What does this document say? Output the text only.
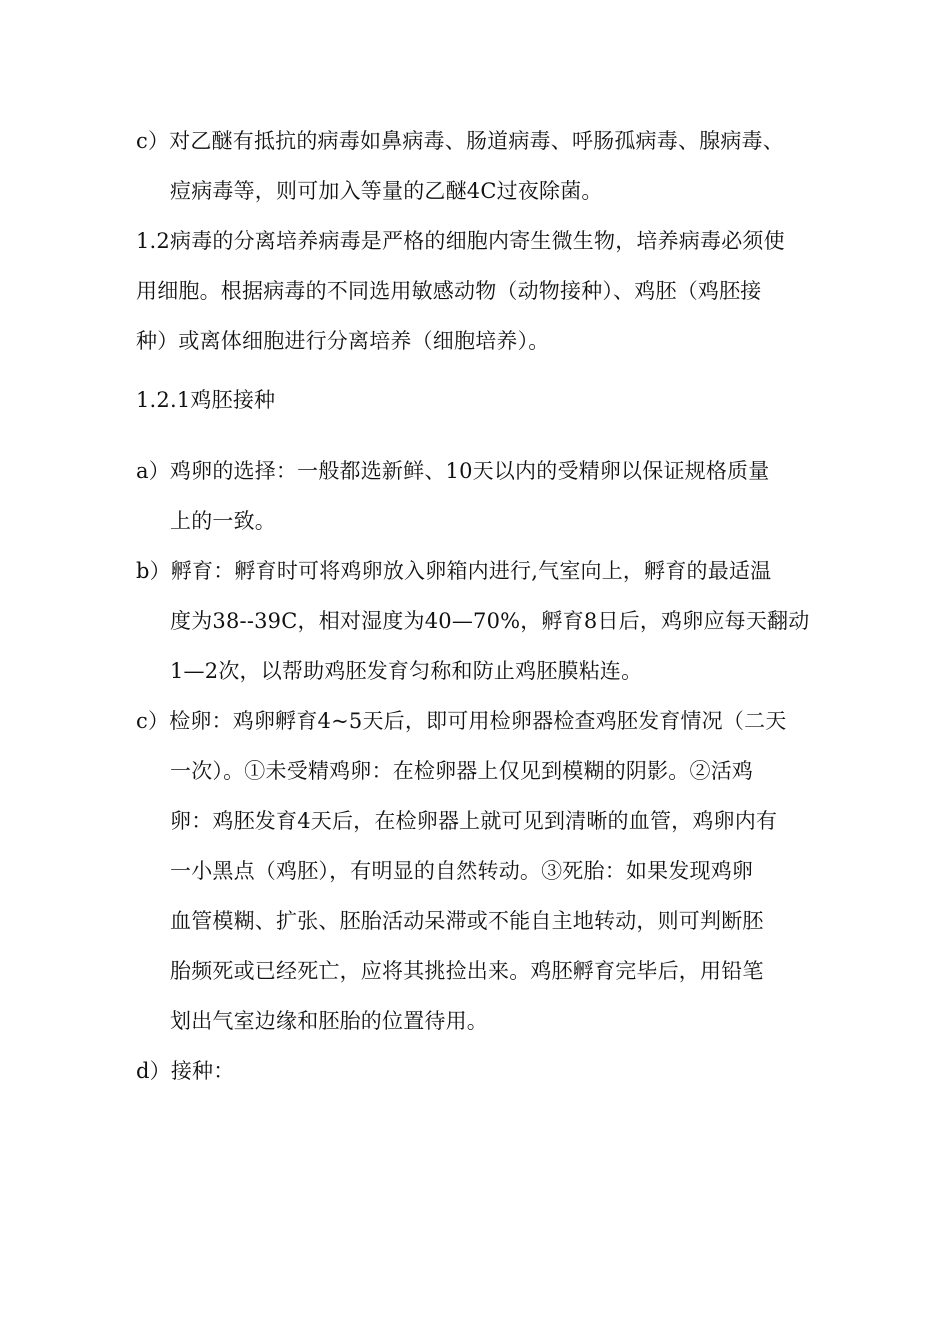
c）对乙醚有抵抗的病毒如鼻病毒、肠道病毒、呼肠孤病毒、腺病毒、
痘病毒等，则可加入等量的乙醚4C过夜除菌。
1.2病毒的分离培养病毒是严格的细胞内寄生微生物，培养病毒必须使
用细胞。根据病毒的不同选用敏感动物（动物接种）、鸡胚（鸡胚接
种）或离体细胞进行分离培养（细胞培养）。
1.2.1鸡胚接种
a）鸡卵的选择：一般都选新鲜、10天以内的受精卵以保证规格质量
上的一致。
b）孵育：孵育时可将鸡卵放入卵箱内进行,气室向上，孵育的最适温
度为38--39C，相对湿度为40—70%，孵育8日后，鸡卵应每天翻动
1—2次，以帮助鸡胚发育匀称和防止鸡胚膜粘连。
c）检卵：鸡卵孵育4~5天后，即可用检卵器检查鸡胚发育情况（二天
一次）。①未受精鸡卵：在检卵器上仅见到模糊的阴影。②活鸡
卵：鸡胚发育4天后，在检卵器上就可见到清晰的血管，鸡卵内有
一小黑点（鸡胚），有明显的自然转动。③死胎：如果发现鸡卵
血管模糊、扩张、胚胎活动呆滞或不能自主地转动，则可判断胚
胎频死或已经死亡，应将其挑捡出来。鸡胚孵育完毕后，用铅笔
划出气室边缘和胚胎的位置待用。
d）接种：
